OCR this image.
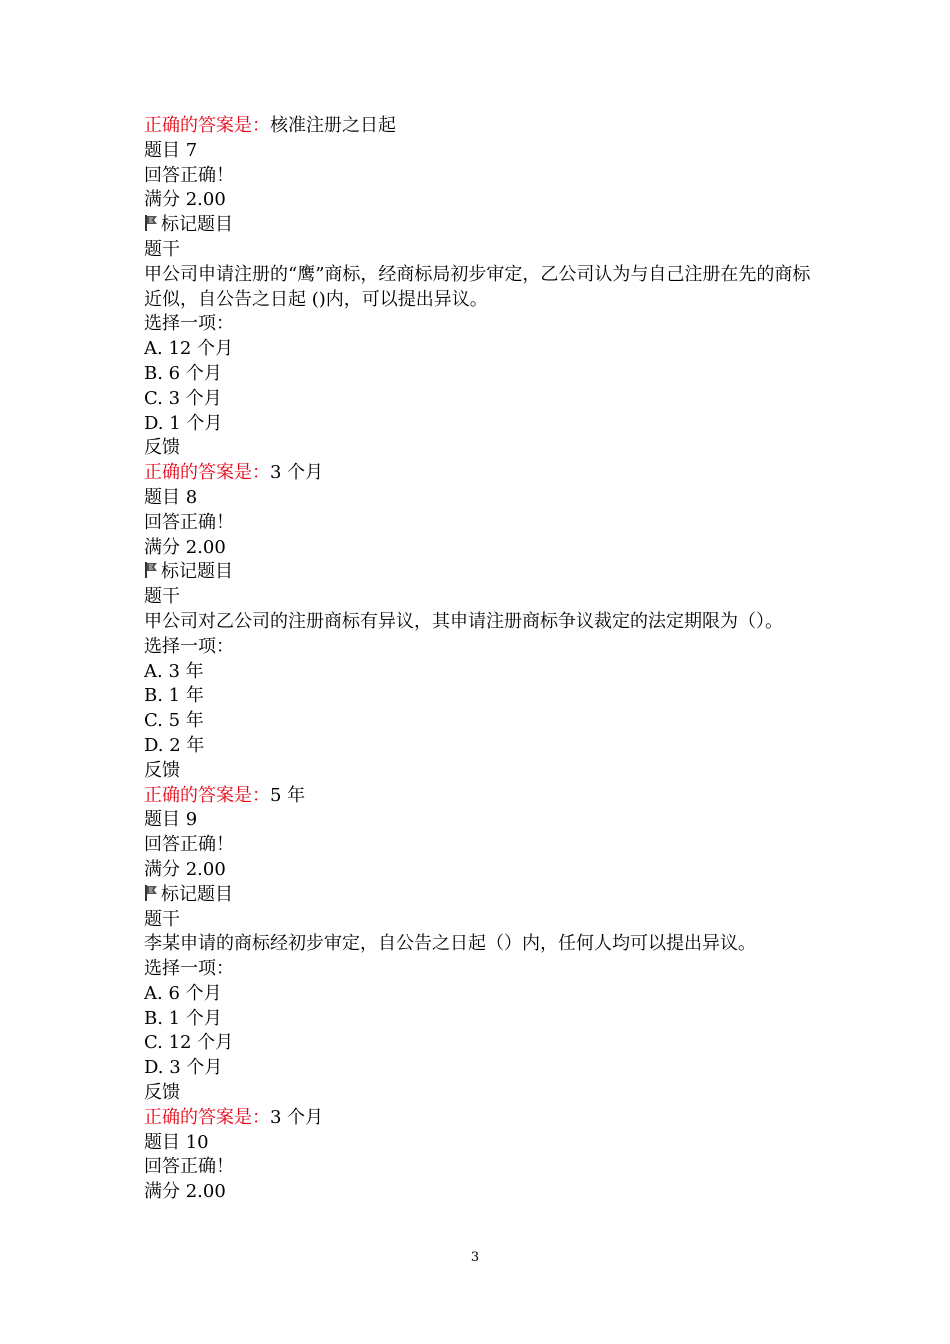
正确的答案是：核准注册之日起
题目 7
回答正确！
满分 2.00
标记题目
题干
甲公司申请注册的“鹰”商标，经商标局初步审定，乙公司认为与自己注册在先的商标近似，自公告之日起 ()内，可以提出异议。
选择一项：
A. 12 个月
B. 6 个月
C. 3 个月
D. 1 个月
反馈
正确的答案是：3 个月
题目 8
回答正确！
满分 2.00
标记题目
题干
甲公司对乙公司的注册商标有异议，其申请注册商标争议裁定的法定期限为（）。
选择一项：
A. 3 年
B. 1 年
C. 5 年
D. 2 年
反馈
正确的答案是：5 年
题目 9
回答正确！
满分 2.00
标记题目
题干
李某申请的商标经初步审定，自公告之日起（）内，任何人均可以提出异议。
选择一项：
A. 6 个月
B. 1 个月
C. 12 个月
D. 3 个月
反馈
正确的答案是：3 个月
题目 10
回答正确！
满分 2.00
3
